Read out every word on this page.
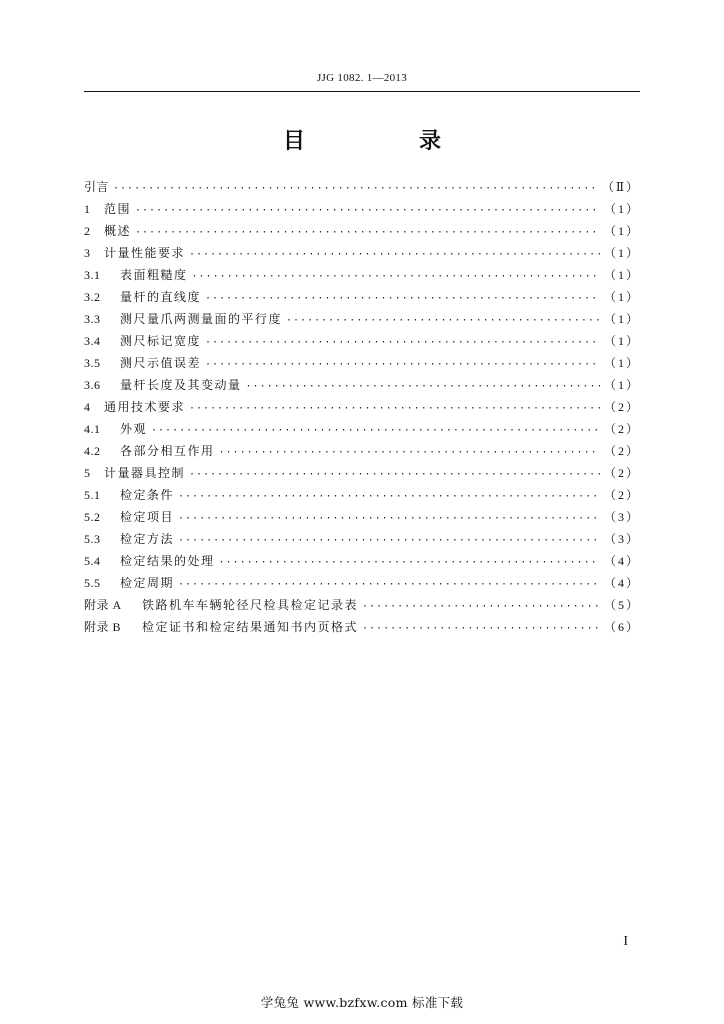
JJG 1082. 1—2013
目　录
引言 ·····	（Ⅱ）
1	范围 ·····	（1）
2	概述 ·····	（1）
3	计量性能要求 ·····	（1）
3.1	表面粗糙度 ·····	（1）
3.2	量杆的直线度 ·····	（1）
3.3	测尺量爪两测量面的平行度 ·····	（1）
3.4	测尺标记宽度 ·····	（1）
3.5	测尺示值误差 ·····	（1）
3.6	量杆长度及其变动量 ·····	（1）
4	通用技术要求 ·····	（2）
4.1	外观 ·····	（2）
4.2	各部分相互作用 ·····	（2）
5	计量器具控制 ·····	（2）
5.1	检定条件 ·····	（2）
5.2	检定项目 ·····	（3）
5.3	检定方法 ·····	（3）
5.4	检定结果的处理 ·····	（4）
5.5	检定周期 ·····	（4）
附录 A	铁路机车车辆轮径尺检具检定记录表 ·····	（5）
附录 B	检定证书和检定结果通知书内页格式 ·····	（6）
I
学兔兔 www.bzfxw.com 标准下载
